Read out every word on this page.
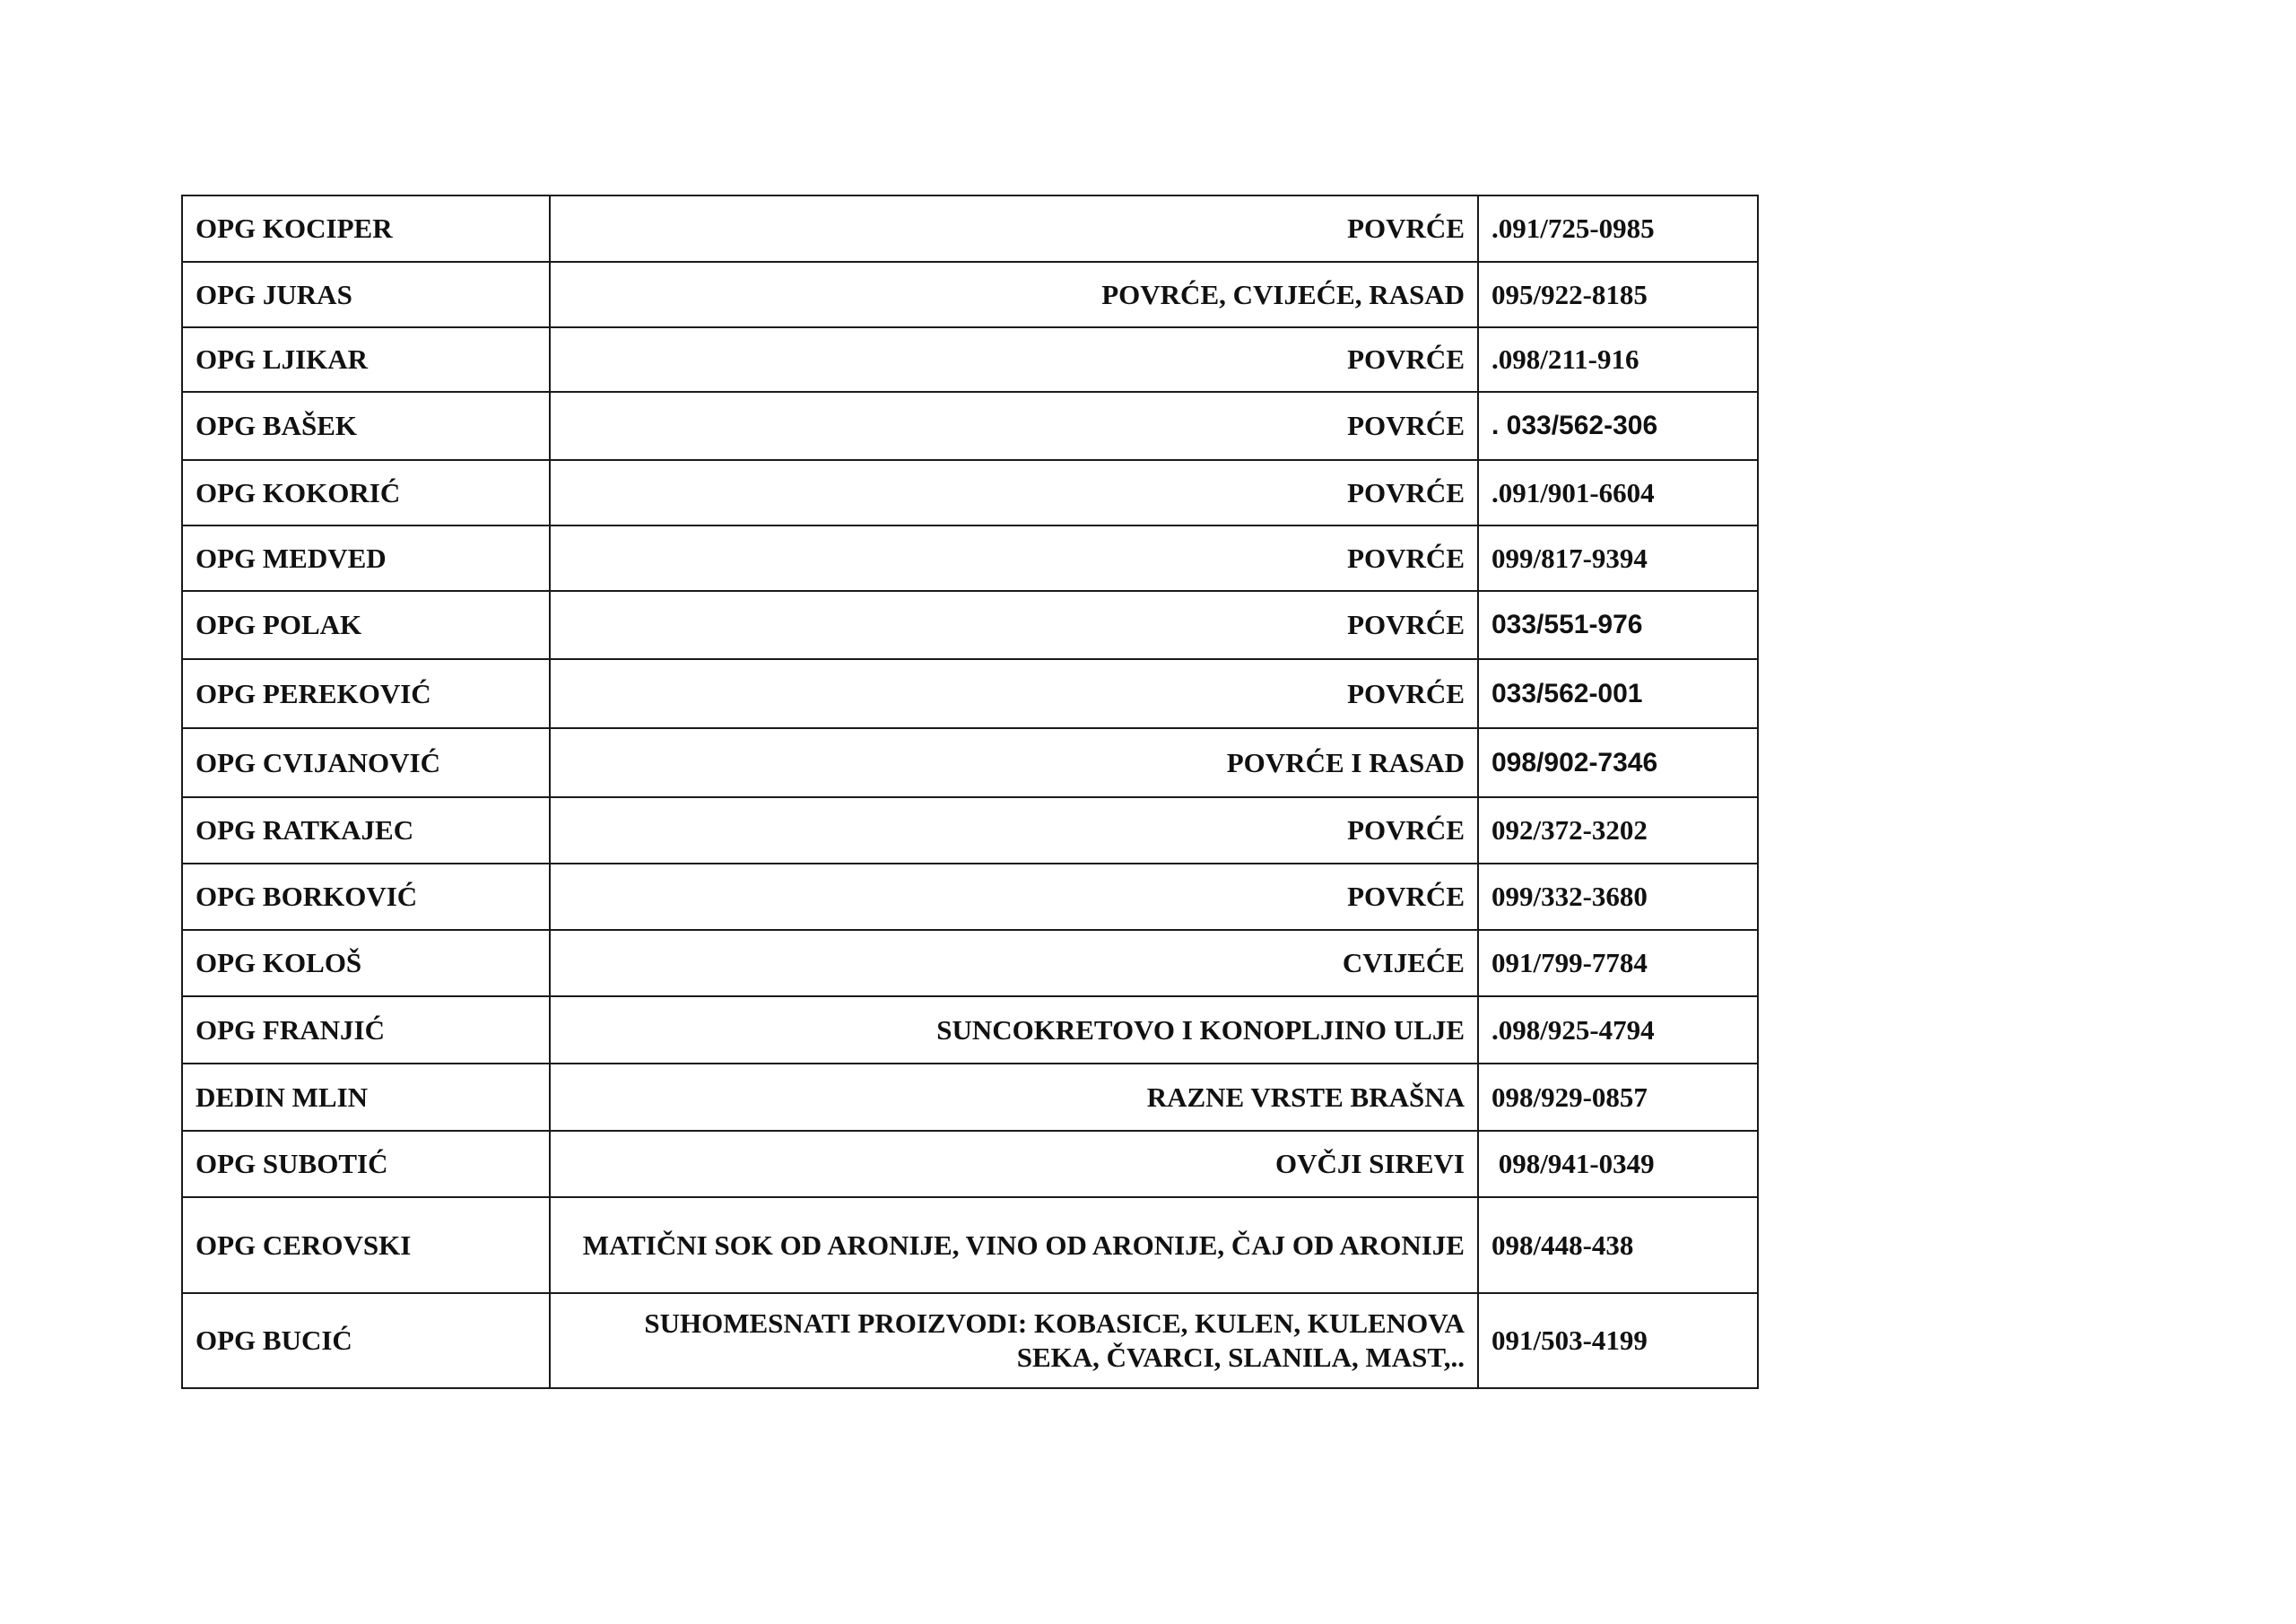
OPG KOCIPER	POVRĆE	.091/725-0985
OPG JURAS	POVRĆE, CVIJEĆE, RASAD	095/922-8185
OPG LJIKAR	POVRĆE	.098/211-916
OPG BAŠEK	POVRĆE	. 033/562-306
OPG KOKORIĆ	POVRĆE	.091/901-6604
OPG MEDVED	POVRĆE	099/817-9394
OPG POLAK	POVRĆE	033/551-976
OPG PEREKOVIĆ	POVRĆE	033/562-001
OPG CVIJANOVIĆ	POVRĆE I RASAD	098/902-7346
OPG RATKAJEC	POVRĆE	092/372-3202
OPG BORKOVIĆ	POVRĆE	099/332-3680
OPG KOLOŠ	CVIJEĆE	091/799-7784
OPG FRANJIĆ	SUNCOKRETOVO I KONOPLJINO ULJE	.098/925-4794
DEDIN MLIN	RAZNE VRSTE BRAŠNA	098/929-0857
OPG SUBOTIĆ	OVČJI SIREVI	098/941-0349
OPG CEROVSKI	MATIČNI SOK OD ARONIJE, VINO OD ARONIJE, ČAJ OD ARONIJE	098/448-438
OPG BUCIĆ	SUHOMESNATI PROIZVODI: KOBASICE, KULEN, KULENOVA SEKA, ČVARCI, SLANILA, MAST,..	091/503-4199
